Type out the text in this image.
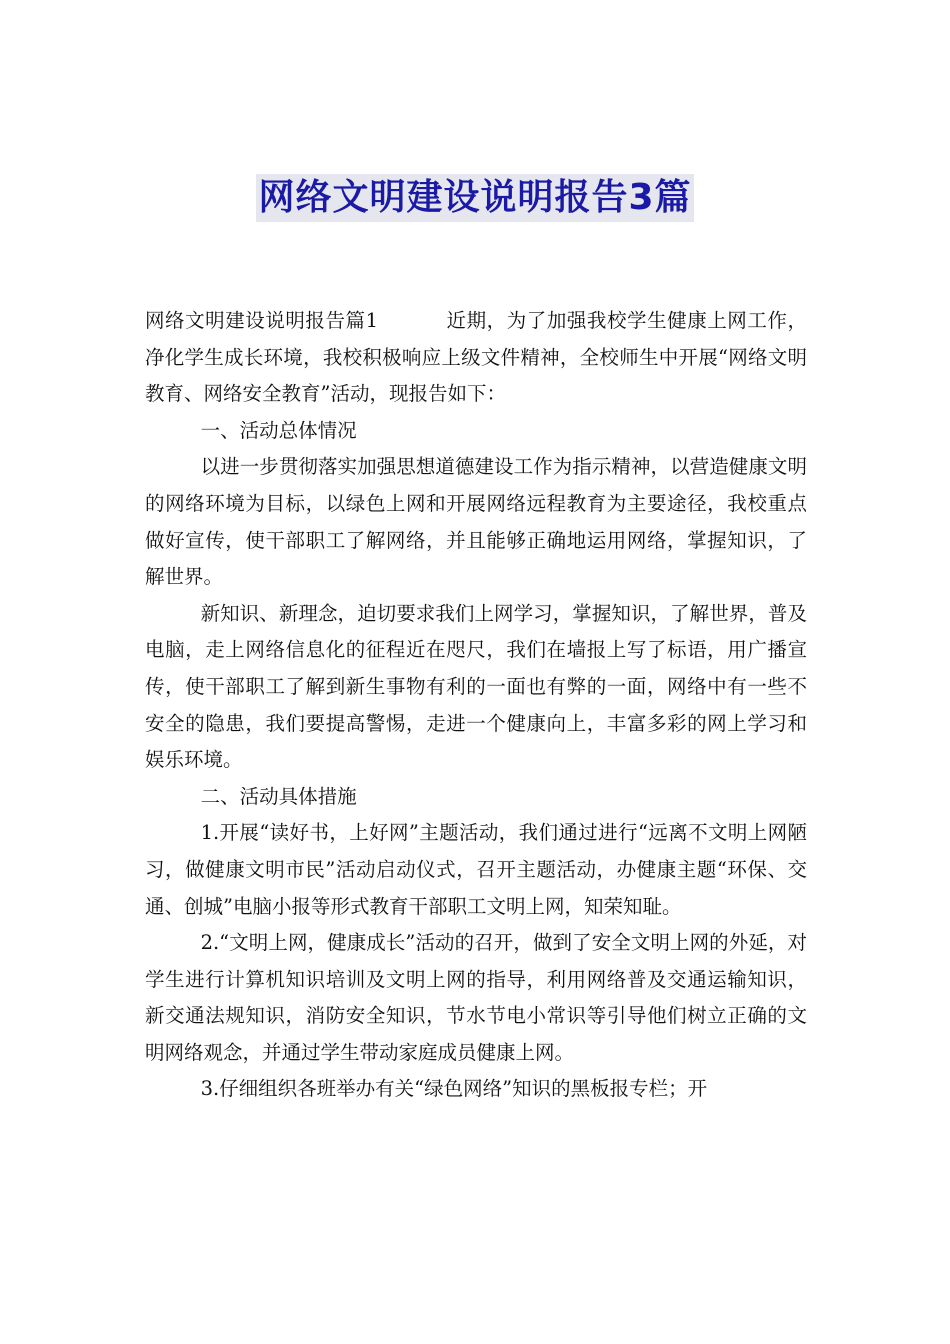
网络文明建设说明报告3篇

网络文明建设说明报告篇1	近期，为了加强我校学生健康上网工作，净化学生成长环境，我校积极响应上级文件精神，全校师生中开展“网络文明教育、网络安全教育”活动，现报告如下：

一、活动总体情况

以进一步贯彻落实加强思想道德建设工作为指示精神，以营造健康文明的网络环境为目标，以绿色上网和开展网络远程教育为主要途径，我校重点做好宣传，使干部职工了解网络，并且能够正确地运用网络，掌握知识，了解世界。

新知识、新理念，迫切要求我们上网学习，掌握知识，了解世界，普及电脑，走上网络信息化的征程近在咫尺，我们在墙报上写了标语，用广播宣传，使干部职工了解到新生事物有利的一面也有弊的一面，网络中有一些不安全的隐患，我们要提高警惕，走进一个健康向上，丰富多彩的网上学习和娱乐环境。

二、活动具体措施

1.开展“读好书，上好网”主题活动，我们通过进行“远离不文明上网陋习，做健康文明市民”活动启动仪式，召开主题活动，办健康主题“环保、交通、创城”电脑小报等形式教育干部职工文明上网，知荣知耻。

2.“文明上网，健康成长”活动的召开，做到了安全文明上网的外延，对学生进行计算机知识培训及文明上网的指导，利用网络普及交通运输知识，新交通法规知识，消防安全知识，节水节电小常识等引导他们树立正确的文明网络观念，并通过学生带动家庭成员健康上网。

3.仔细组织各班举办有关“绿色网络”知识的黑板报专栏；开
